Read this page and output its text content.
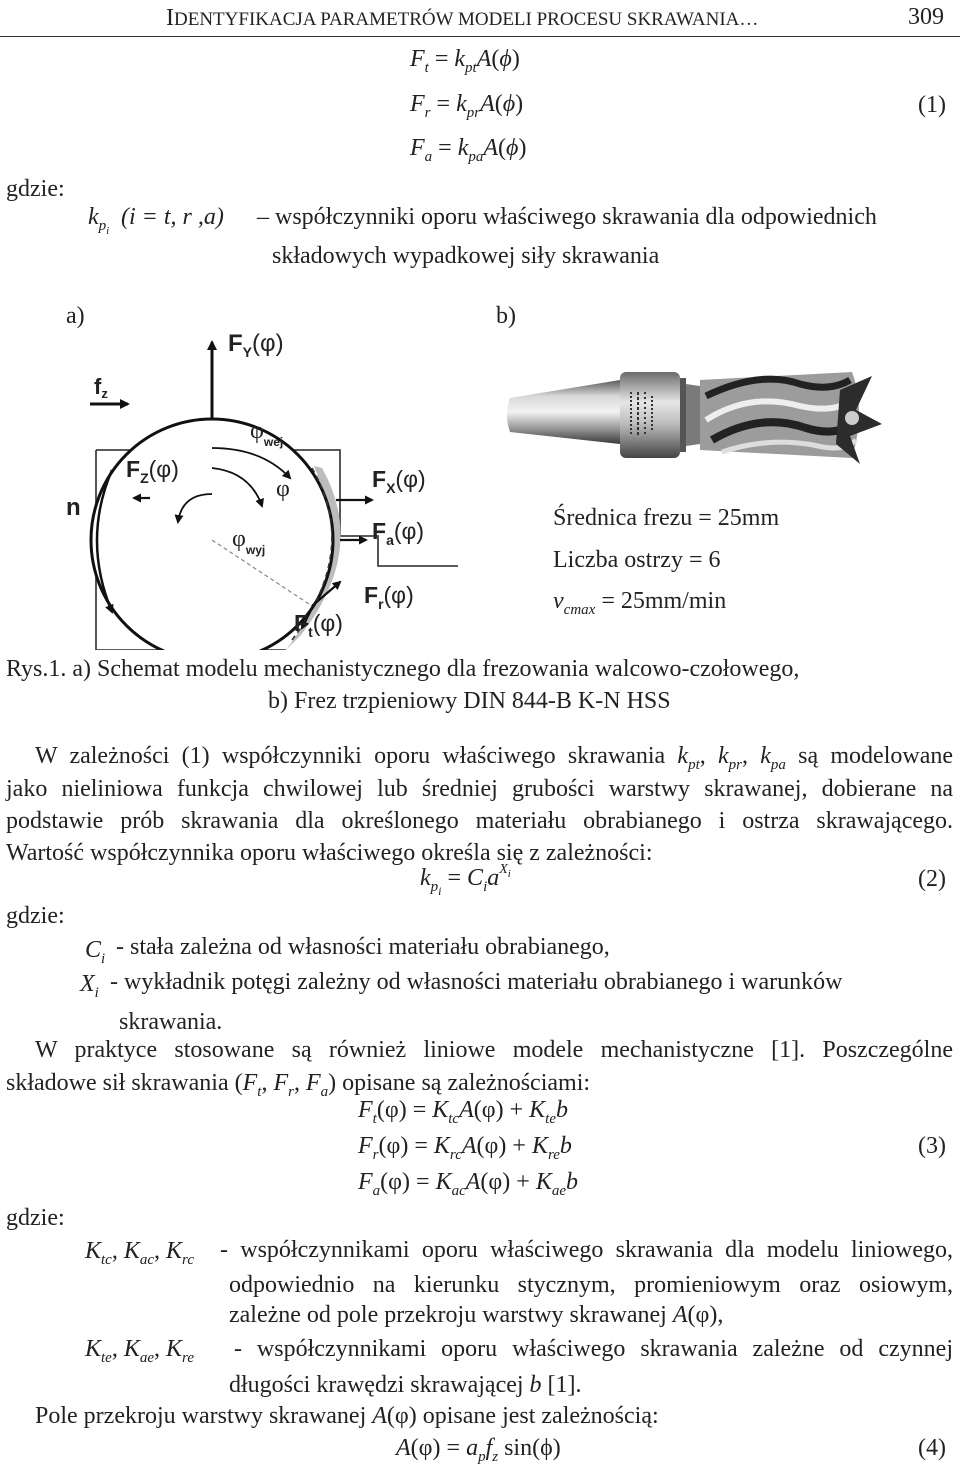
IDENTYFIKACJA PARAMETRÓW MODELI PROCESU SKRAWANIA…	309
$F_t = k_{pt}A(\phi)$
$F_r = k_{pr}A(\phi)$
$F_a = k_{pa}A(\phi)$
(1)
gdzie:
$k_{pi}$
(i = t, r ,a) – współczynniki oporu właściwego skrawania dla odpowiednich
składowych wypadkowej siły skrawania
a)	b)
$F_Y(\varphi)$
$f_z$
$\varphi_{wej}$
$F_Z(\varphi)$
n
φ	$F_X(\varphi)$
$\varphi_{wyj}$
$F_a(\varphi)$
$F_r(\varphi)$
$F_t(\varphi)$
Średnica frezu = 25mm
Liczba ostrzy = 6
$v_{cmax} = 25mm/\min$
Rys.1. a) Schemat modelu mechanistycznego dla frezowania walcowo-czołowego,
b) Frez trzpieniowy DIN 844-B K-N HSS
W zależności (1) współczynniki oporu właściwego skrawania $k_{pt}$, $k_{pr}$, $k_{pa}$ są modelowane
jako nieliniowa funkcja chwilowej lub średniej grubości warstwy skrawanej, dobierane na
podstawie prób skrawania dla określonego materiału obrabianego i ostrza skrawającego.
Wartość współczynnika oporu właściwego określa się z zależności:
$k_{pi} = C_ia^{Xi}$	(2)
gdzie:
$C_i$ - stała zależna od własności materiału obrabianego,
$X_i$ - wykładnik potęgi zależny od własności materiału obrabianego i warunków
skrawania.
W praktyce stosowane są również liniowe modele mechanistyczne [1]. Poszczególne
składowe sił skrawania ($F_t$, $F_r$, $F_a$) opisane są zależnościami:
$F_t(\varphi) = K_{tc}A(\varphi) + K_{te}b$
$F_r(\varphi) = K_{rc}A(\varphi) + K_{re}b$
$F_a(\varphi) = K_{ac}A(\varphi) + K_{ae}b$
(3)
gdzie:
$K_{tc}$, $K_{ac}$, $K_{rc}$ - współczynnikami oporu właściwego skrawania dla modelu liniowego,
odpowiednio na kierunku stycznym, promieniowym oraz osiowym,
zależne od pole przekroju warstwy skrawanej A(φ),
$K_{te}$, $K_{ae}$, $K_{re}$ - współczynnikami oporu właściwego skrawania zależne od czynnej
długości krawędzi skrawającej b [1].
Pole przekroju warstwy skrawanej A(φ) opisane jest zależnością:
$A(\varphi) = a_pf_z$ sin(ϕ)	(4)
